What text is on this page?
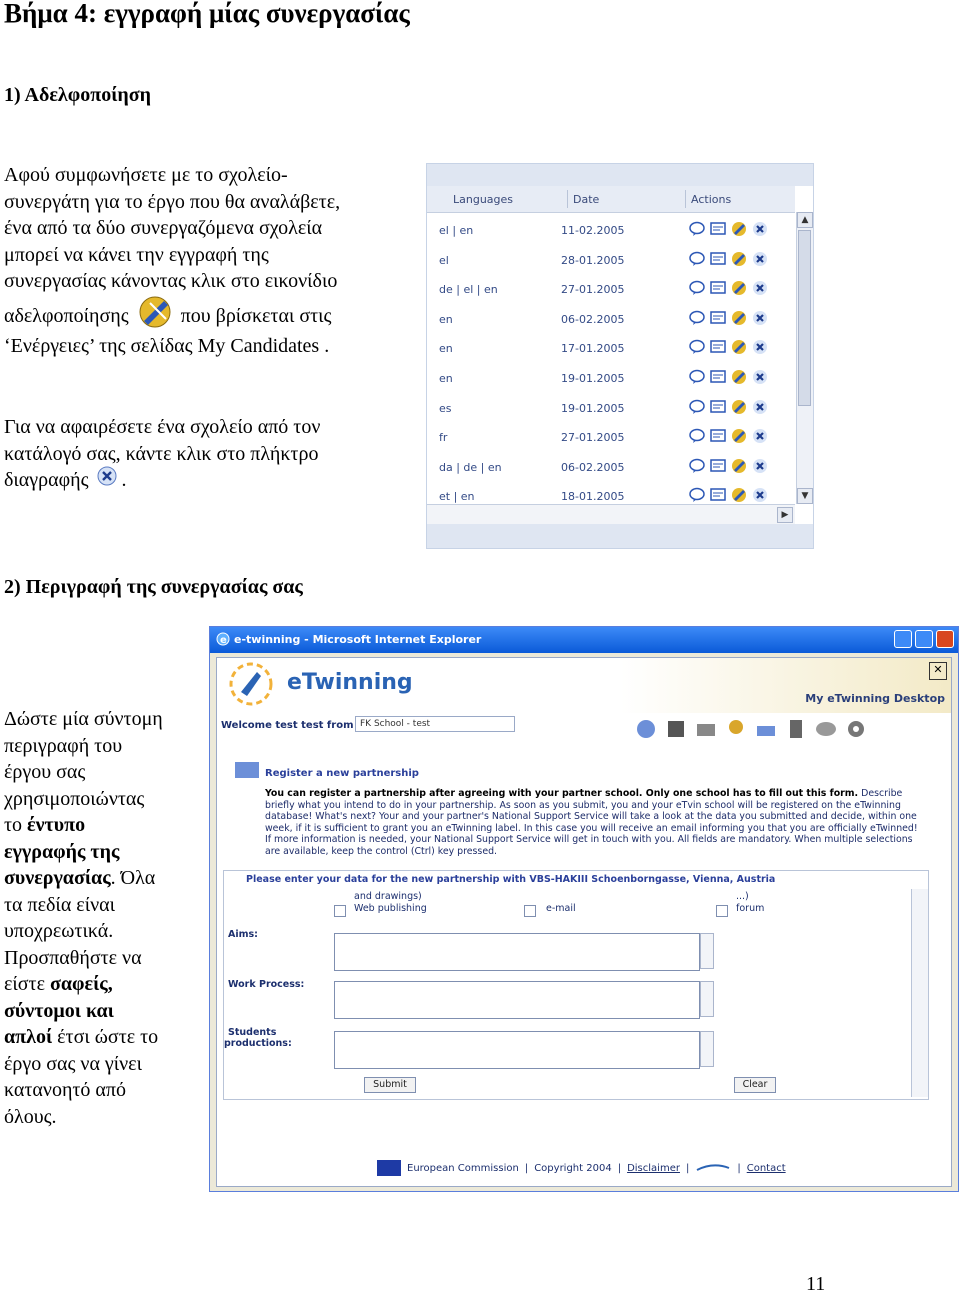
Βήμα 4: εγγραφή μίας συνεργασίας

1) Αδελφοποίηση

Αφού συμφωνήσετε με το σχολείο-
συνεργάτη για το έργο που θα αναλάβετε,
ένα από τα δύο συνεργαζόμενα σχολεία
μπορεί να κάνει την εγγραφή της
συνεργασίας κάνοντας κλικ στο εικονίδιο
αδελφοποίησης	που βρίσκεται στις
‘Ενέργειες’ της σελίδας My Candidates .
Για να αφαιρέσετε ένα σχολείο από τον
κατάλογό σας, κάντε κλικ στο πλήκτρο
διαγραφής .
Languages	Date	Actions
el | en	11-02.2005
el	28-01.2005
de | el | en	27-01.2005
en	06-02.2005
en	17-01.2005
en	19-01.2005
es	19-01.2005
fr	27-01.2005
da | de | en	06-02.2005
et | en	18-01.2005
▲
▼
▶

2) Περιγραφή της συνεργασίας σας

Δώστε μία σύντομη
περιγραφή του
έργου σας
χρησιμοποιώντας
το έντυπο
εγγραφής της
συνεργασίας. Όλα
τα πεδία είναι
υποχρεωτικά.
Προσπαθήστε να
είστε σαφείς,
σύντομοι και
απλοί έτσι ώστε το
έργο σας να γίνει
κατανοητό από
όλους.
e e-twinning - Microsoft Internet Explorer
eTwinning
My eTwinning Desktop
✕
Welcome test test from FK School - test
Register a new partnership
You can register a partnership after agreeing with your partner school. Only one school has to fill out this form. Describe briefly what you intend to do in your partnership. As soon as you submit, you and your eTvin school will be registered on the eTwinning database! What's next? Your and your partner's National Support Service will take a look at the data you submitted and decide, within one week, if it is sufficient to grant you an eTwinning label. In this case you will receive an email informing you that you are officially eTwinned! If more information is needed, your National Support Service will get in touch with you. All fields are mandatory. When multiple selections are available, keep the control (Ctrl) key pressed.
Please enter your data for the new partnership with VBS-HAKIII Schoenborngasse, Vienna, Austria
and drawings)
Web publishing	e-mail
...)
forum
Aims:
Work Process:
Students
productions:
Submit	Clear
European Commission | Copyright 2004 | Disclaimer |	| Contact
11
